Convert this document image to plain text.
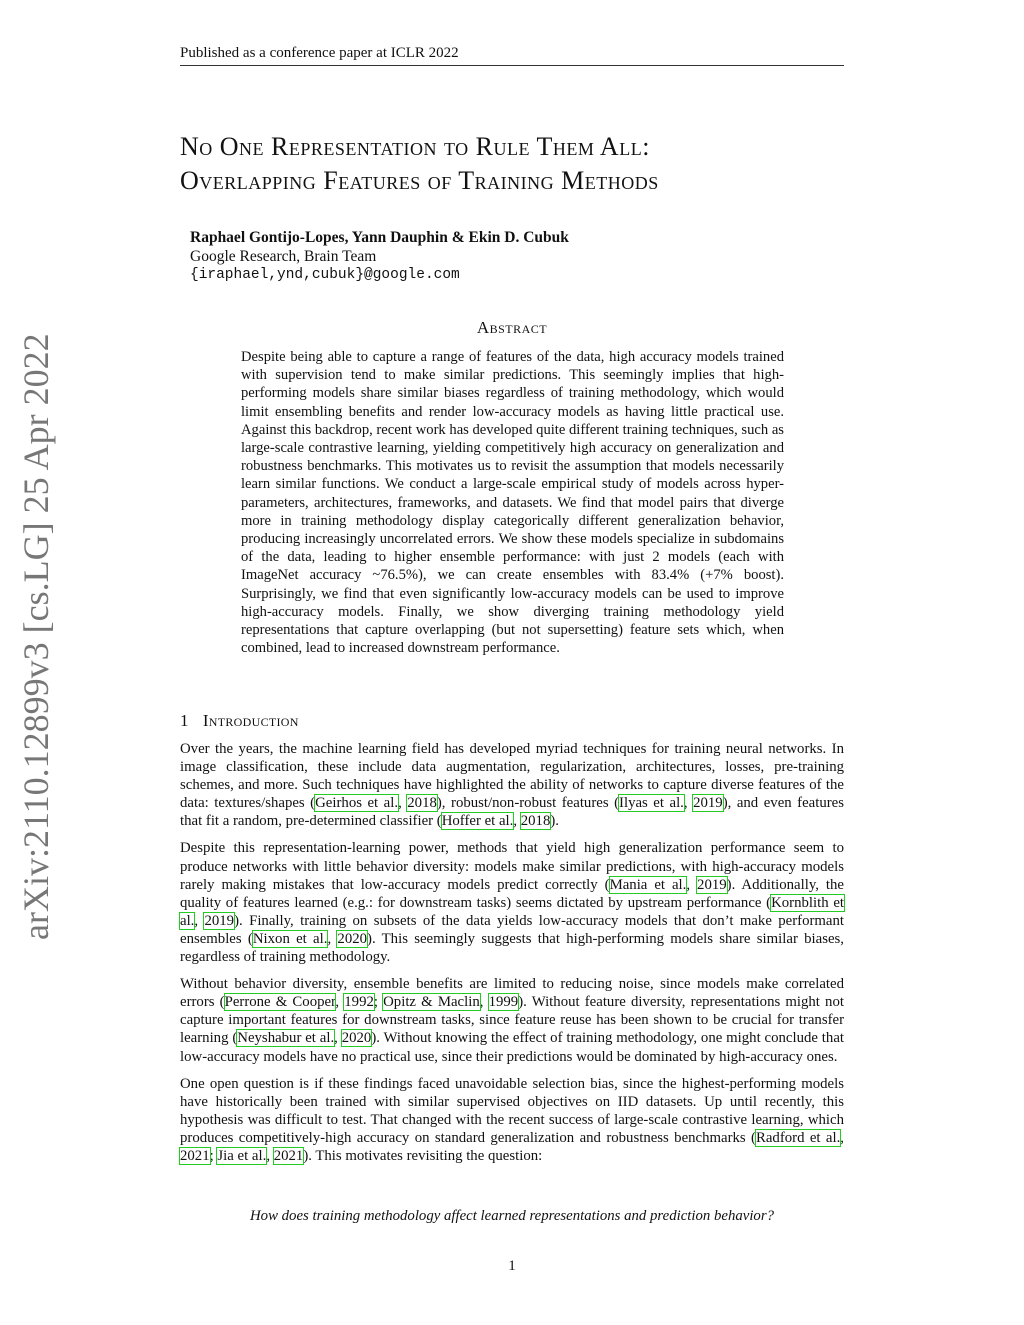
Published as a conference paper at ICLR 2022
No One Representation to Rule Them All:
Overlapping Features of Training Methods
Raphael Gontijo-Lopes, Yann Dauphin & Ekin D. Cubuk
Google Research, Brain Team
{iraphael,ynd,cubuk}@google.com
arXiv:2110.12899v3 [cs.LG] 25 Apr 2022
Abstract
Despite being able to capture a range of features of the data, high accuracy models trained with supervision tend to make similar predictions. This seemingly implies that high-performing models share similar biases regardless of training methodology, which would limit ensembling benefits and render low-accuracy models as having little practical use. Against this backdrop, recent work has developed quite different training techniques, such as large-scale contrastive learning, yielding competitively high accuracy on generalization and robustness benchmarks. This motivates us to revisit the assumption that models necessarily learn similar functions. We conduct a large-scale empirical study of models across hyper-parameters, architectures, frameworks, and datasets. We find that model pairs that diverge more in training methodology display categorically different generalization behavior, producing increasingly uncorrelated errors. We show these models specialize in subdomains of the data, leading to higher ensemble performance: with just 2 models (each with ImageNet accuracy ~76.5%), we can create ensembles with 83.4% (+7% boost). Surprisingly, we find that even significantly low-accuracy models can be used to improve high-accuracy models. Finally, we show diverging training methodology yield representations that capture overlapping (but not supersetting) feature sets which, when combined, lead to increased downstream performance.
1 Introduction

Over the years, the machine learning field has developed myriad techniques for training neural networks. In image classification, these include data augmentation, regularization, architectures, losses, pre-training schemes, and more. Such techniques have highlighted the ability of networks to capture diverse features of the data: textures/shapes (Geirhos et al., 2018), robust/non-robust features (Ilyas et al., 2019), and even features that fit a random, pre-determined classifier (Hoffer et al., 2018).

Despite this representation-learning power, methods that yield high generalization performance seem to produce networks with little behavior diversity: models make similar predictions, with high-accuracy models rarely making mistakes that low-accuracy models predict correctly (Mania et al., 2019). Additionally, the quality of features learned (e.g.: for downstream tasks) seems dictated by upstream performance (Kornblith et al., 2019). Finally, training on subsets of the data yields low-accuracy models that don’t make performant ensembles (Nixon et al., 2020). This seemingly suggests that high-performing models share similar biases, regardless of training methodology.

Without behavior diversity, ensemble benefits are limited to reducing noise, since models make correlated errors (Perrone & Cooper, 1992; Opitz & Maclin, 1999). Without feature diversity, representations might not capture important features for downstream tasks, since feature reuse has been shown to be crucial for transfer learning (Neyshabur et al., 2020). Without knowing the effect of training methodology, one might conclude that low-accuracy models have no practical use, since their predictions would be dominated by high-accuracy ones.

One open question is if these findings faced unavoidable selection bias, since the highest-performing models have historically been trained with similar supervised objectives on IID datasets. Up until recently, this hypothesis was difficult to test. That changed with the recent success of large-scale contrastive learning, which produces competitively-high accuracy on standard generalization and robustness benchmarks (Radford et al., 2021; Jia et al., 2021). This motivates revisiting the question:

How does training methodology affect learned representations and prediction behavior?
1
